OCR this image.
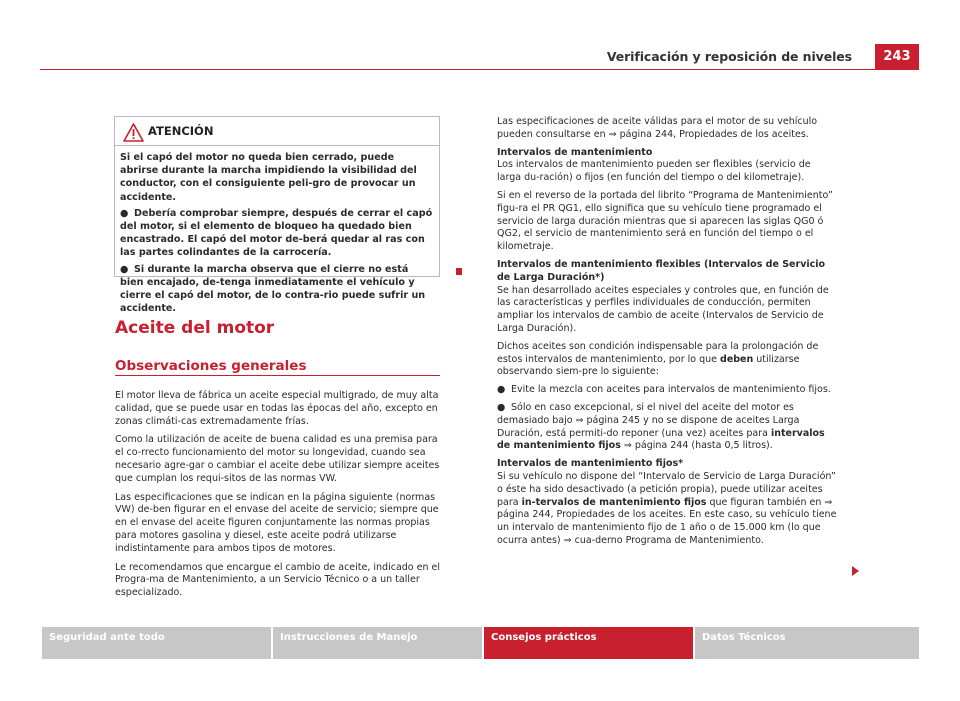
Verificación y reposición de niveles	243
ATENCIÓN

Si el capó del motor no queda bien cerrado, puede abrirse durante la marcha impidiendo la visibilidad del conductor, con el consiguiente peli-gro de provocar un accidente.

● Debería comprobar siempre, después de cerrar el capó del motor, si el elemento de bloqueo ha quedado bien encastrado. El capó del motor de-berá quedar al ras con las partes colindantes de la carrocería.

● Si durante la marcha observa que el cierre no está bien encajado, de-tenga inmediatamente el vehículo y cierre el capó del motor, de lo contra-rio puede sufrir un accidente.

Aceite del motor
Observaciones generales

El motor lleva de fábrica un aceite especial multigrado, de muy alta calidad, que se puede usar en todas las épocas del año, excepto en zonas climáti-cas extremadamente frías.

Como la utilización de aceite de buena calidad es una premisa para el co-rrecto funcionamiento del motor su longevidad, cuando sea necesario agre-gar o cambiar el aceite debe utilizar siempre aceites que cumplan los requi-sitos de las normas VW.

Las especificaciones que se indican en la página siguiente (normas VW) de-ben figurar en el envase del aceite de servicio; siempre que en el envase del aceite figuren conjuntamente las normas propias para motores gasolina y diesel, este aceite podrá utilizarse indistintamente para ambos tipos de motores.

Le recomendamos que encargue el cambio de aceite, indicado en el Progra-ma de Mantenimiento, a un Servicio Técnico o a un taller especializado.

Las especificaciones de aceite válidas para el motor de su vehículo pueden consultarse en ⇒ página 244, Propiedades de los aceites.

Intervalos de mantenimiento

Los intervalos de mantenimiento pueden ser flexibles (servicio de larga du-ración) o fijos (en función del tiempo o del kilometraje).

Si en el reverso de la portada del librito “Programa de Mantenimiento” figu-ra el PR QG1, ello significa que su vehículo tiene programado el servicio de larga duración mientras que si aparecen las siglas QG0 ó QG2, el servicio de mantenimiento será en función del tiempo o el kilometraje.

Intervalos de mantenimiento flexibles (Intervalos de Servicio de Larga Duración*)

Se han desarrollado aceites especiales y controles que, en función de las características y perfiles individuales de conducción, permiten ampliar los intervalos de cambio de aceite (Intervalos de Servicio de Larga Duración).

Dichos aceites son condición indispensable para la prolongación de estos intervalos de mantenimiento, por lo que deben utilizarse observando siem-pre lo siguiente:

● Evite la mezcla con aceites para intervalos de mantenimiento fijos.

● Sólo en caso excepcional, si el nivel del aceite del motor es demasiado bajo ⇒ página 245 y no se dispone de aceites Larga Duración, está permiti-do reponer (una vez) aceites para intervalos de mantenimiento fijos ⇒ página 244 (hasta 0,5 litros).

Intervalos de mantenimiento fijos*

Si su vehículo no dispone del “Intervalo de Servicio de Larga Duración” o éste ha sido desactivado (a petición propia), puede utilizar aceites para in-tervalos de mantenimiento fijos que figuran también en ⇒ página 244, Propiedades de los aceites. En este caso, su vehículo tiene un intervalo de mantenimiento fijo de 1 año o de 15.000 km (lo que ocurra antes) ⇒ cua-derno Programa de Mantenimiento.

Seguridad ante todo	Instrucciones de Manejo	Consejos prácticos	Datos Técnicos
